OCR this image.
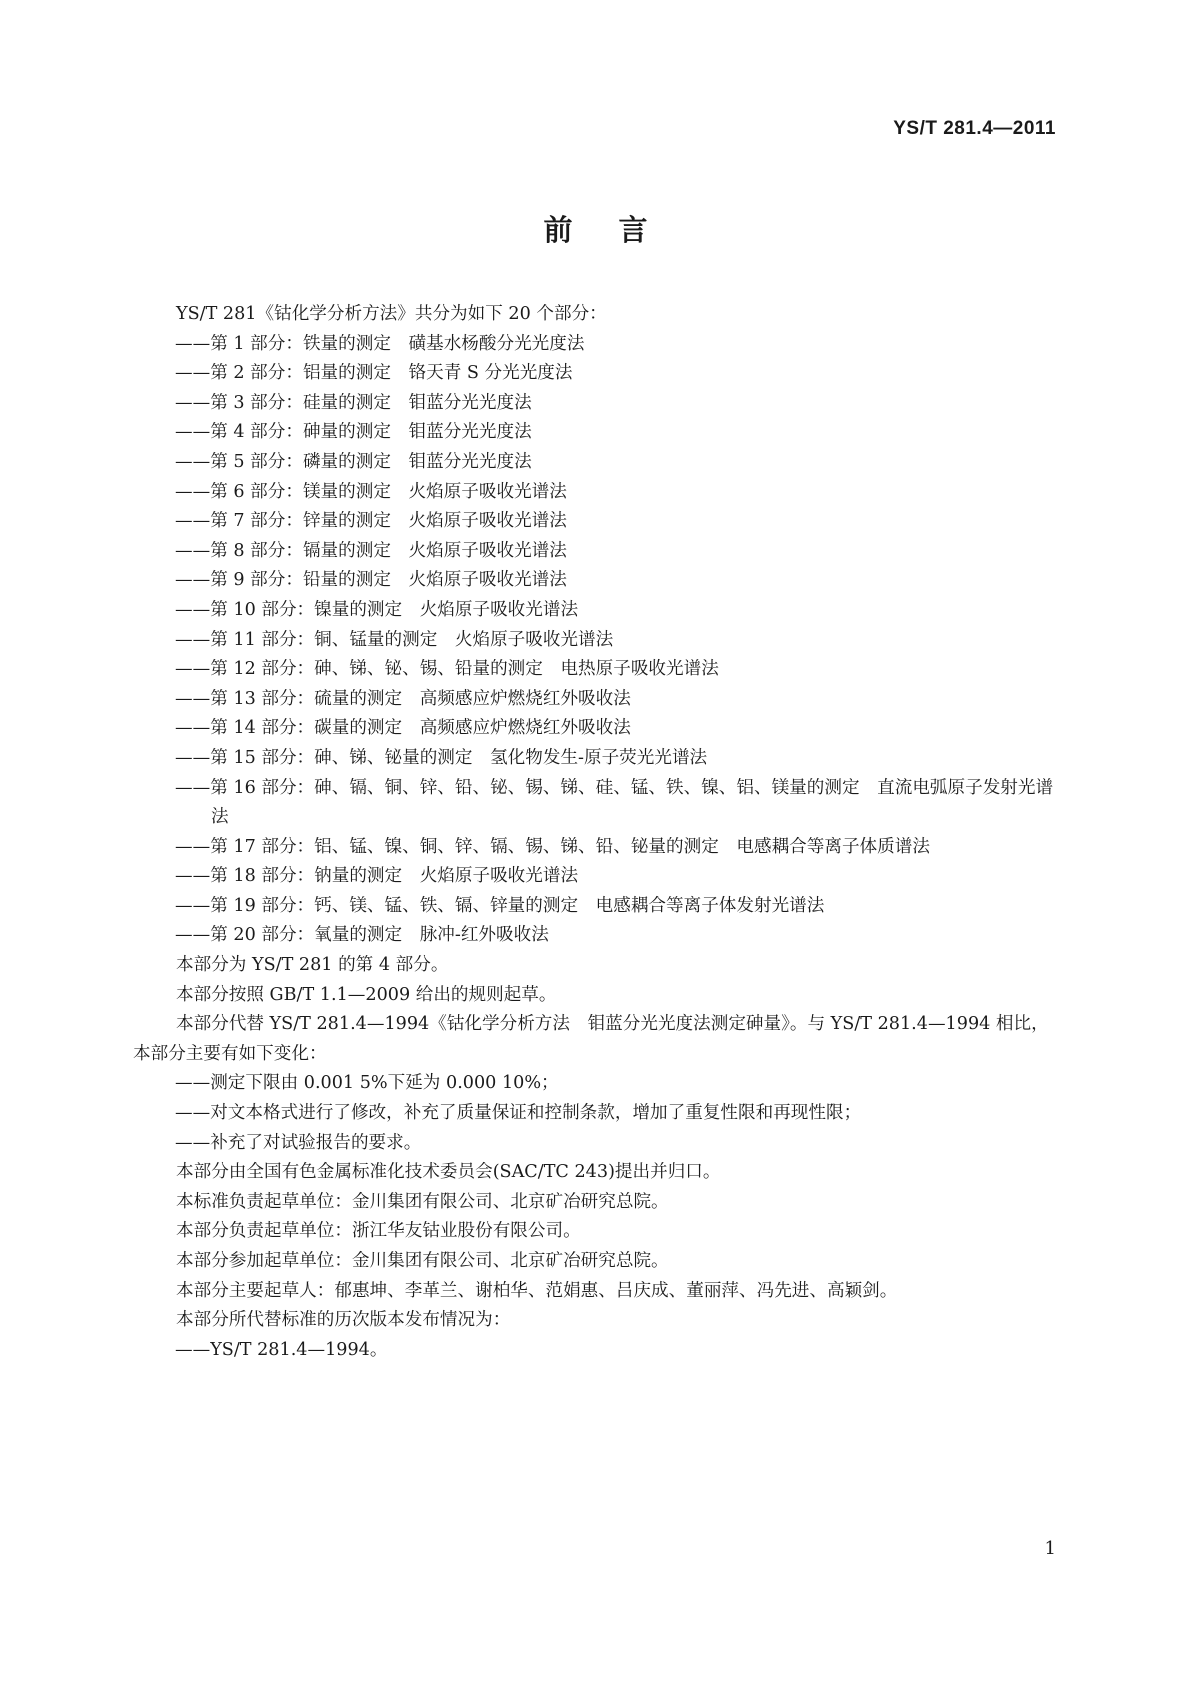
YS/T 281.4—2011
前言

YS/T 281《钴化学分析方法》共分为如下 20 个部分：

——第 1 部分：铁量的测定　磺基水杨酸分光光度法

——第 2 部分：铝量的测定　铬天青 S 分光光度法

——第 3 部分：硅量的测定　钼蓝分光光度法

——第 4 部分：砷量的测定　钼蓝分光光度法

——第 5 部分：磷量的测定　钼蓝分光光度法

——第 6 部分：镁量的测定　火焰原子吸收光谱法

——第 7 部分：锌量的测定　火焰原子吸收光谱法

——第 8 部分：镉量的测定　火焰原子吸收光谱法

——第 9 部分：铅量的测定　火焰原子吸收光谱法

——第 10 部分：镍量的测定　火焰原子吸收光谱法

——第 11 部分：铜、锰量的测定　火焰原子吸收光谱法

——第 12 部分：砷、锑、铋、锡、铅量的测定　电热原子吸收光谱法

——第 13 部分：硫量的测定　高频感应炉燃烧红外吸收法

——第 14 部分：碳量的测定　高频感应炉燃烧红外吸收法

——第 15 部分：砷、锑、铋量的测定　氢化物发生-原子荧光光谱法

——第 16 部分：砷、镉、铜、锌、铅、铋、锡、锑、硅、锰、铁、镍、铝、镁量的测定　直流电弧原子发射光谱法

——第 17 部分：铝、锰、镍、铜、锌、镉、锡、锑、铅、铋量的测定　电感耦合等离子体质谱法

——第 18 部分：钠量的测定　火焰原子吸收光谱法

——第 19 部分：钙、镁、锰、铁、镉、锌量的测定　电感耦合等离子体发射光谱法

——第 20 部分：氧量的测定　脉冲-红外吸收法

本部分为 YS/T 281 的第 4 部分。

本部分按照 GB/T 1.1—2009 给出的规则起草。

本部分代替 YS/T 281.4—1994《钴化学分析方法　钼蓝分光光度法测定砷量》。与 YS/T 281.4—1994 相比，本部分主要有如下变化：

——测定下限由 0.001 5%下延为 0.000 10%；

——对文本格式进行了修改，补充了质量保证和控制条款，增加了重复性限和再现性限；

——补充了对试验报告的要求。

本部分由全国有色金属标准化技术委员会(SAC/TC 243)提出并归口。

本标准负责起草单位：金川集团有限公司、北京矿冶研究总院。

本部分负责起草单位：浙江华友钴业股份有限公司。

本部分参加起草单位：金川集团有限公司、北京矿冶研究总院。

本部分主要起草人：郁惠坤、李革兰、谢柏华、范娟惠、吕庆成、董丽萍、冯先进、高颖剑。

本部分所代替标准的历次版本发布情况为：

——YS/T 281.4—1994。

1
